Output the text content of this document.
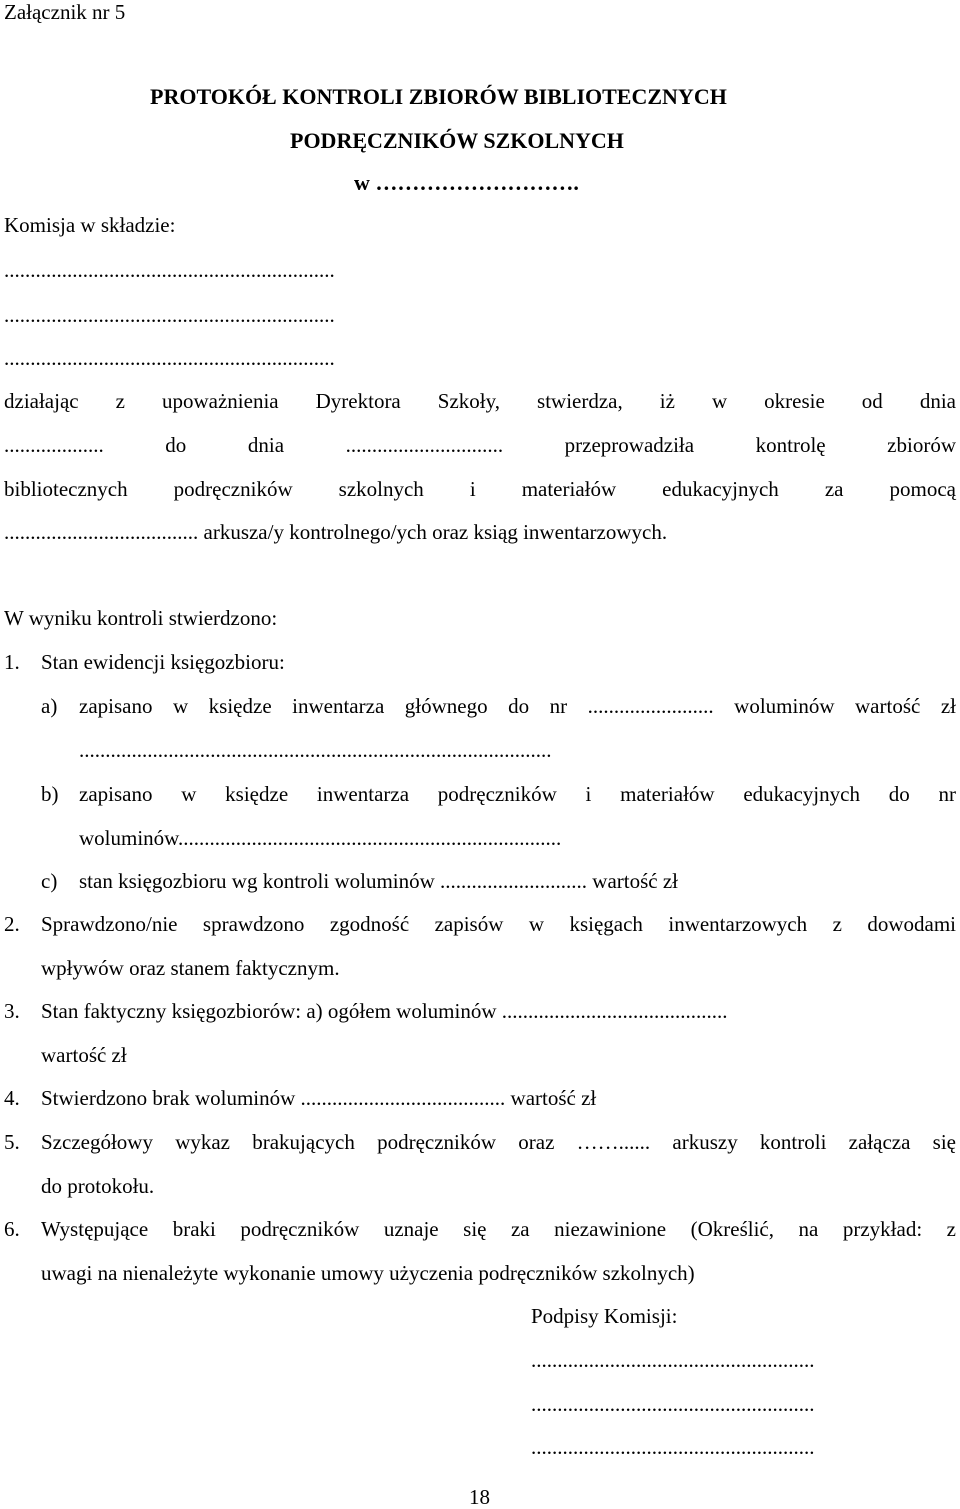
Załącznik nr 5
PROTOKÓŁ KONTROLI ZBIORÓW BIBLIOTECZNYCH
PODRĘCZNIKÓW SZKOLNYCH
w ……………………….
Komisja w składzie:
...............................................................
...............................................................
...............................................................
działając z upoważnienia Dyrektora Szkoły, stwierdza, iż w okresie od dnia
................... do dnia .............................. przeprowadziła kontrolę zbiorów
bibliotecznych podręczników szkolnych i materiałów edukacyjnych za pomocą
..................................... arkusza/y kontrolnego/ych oraz ksiąg inwentarzowych.
W wyniku kontroli stwierdzono:
1. Stan ewidencji księgozbioru:
a) zapisano w księdze inwentarza głównego do nr ........................ woluminów wartość zł
..........................................................................................
b) zapisano w księdze inwentarza podręczników i materiałów edukacyjnych do nr
woluminów.........................................................................
c) stan księgozbioru wg kontroli woluminów ............................ wartość zł
2. Sprawdzono/nie sprawdzono zgodność zapisów w księgach inwentarzowych z dowodami
wpływów oraz stanem faktycznym.
3. Stan faktyczny księgozbiorów: a) ogółem woluminów ...........................................
wartość zł
4. Stwierdzono brak woluminów ....................................... wartość zł
5. Szczegółowy wykaz brakujących podręczników oraz ……...... arkuszy kontroli załącza się
do protokołu.
6. Występujące braki podręczników uznaje się za niezawinione (Określić, na przykład: z
uwagi na nienależyte wykonanie umowy użyczenia podręczników szkolnych)
Podpisy Komisji:
......................................................
......................................................
......................................................
18
